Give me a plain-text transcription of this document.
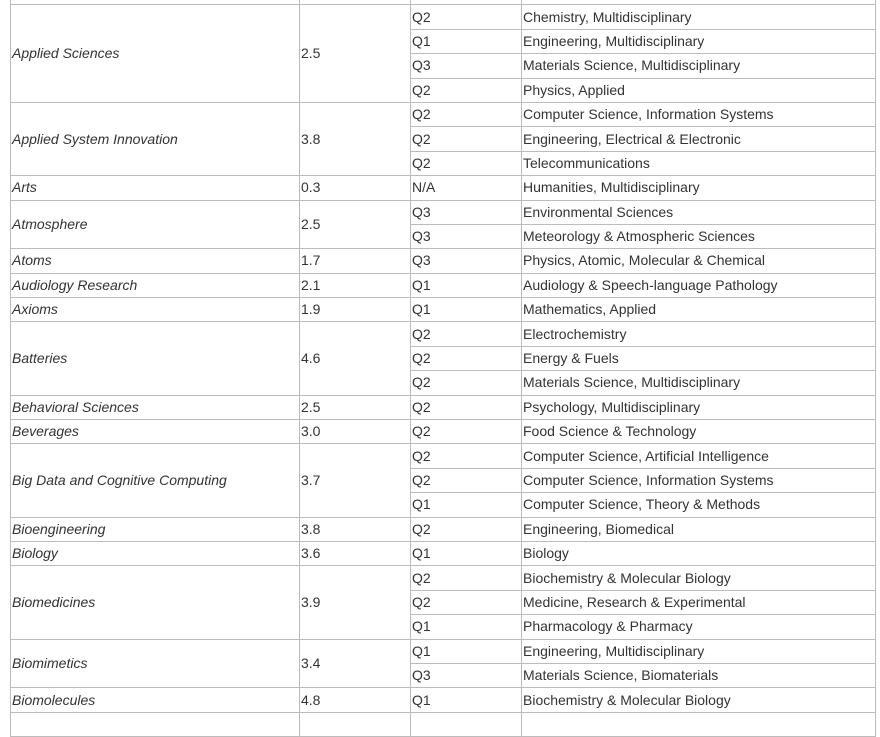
Applied Sciences	2.5	Q2	Chemistry, Multidisciplinary
		Q1	Engineering, Multidisciplinary
		Q3	Materials Science, Multidisciplinary
		Q2	Physics, Applied
Applied System Innovation	3.8	Q2	Computer Science, Information Systems
		Q2	Engineering, Electrical & Electronic
		Q2	Telecommunications
Arts	0.3	N/A	Humanities, Multidisciplinary
Atmosphere	2.5	Q3	Environmental Sciences
		Q3	Meteorology & Atmospheric Sciences
Atoms	1.7	Q3	Physics, Atomic, Molecular & Chemical
Audiology Research	2.1	Q1	Audiology & Speech-language Pathology
Axioms	1.9	Q1	Mathematics, Applied
Batteries	4.6	Q2	Electrochemistry
		Q2	Energy & Fuels
		Q2	Materials Science, Multidisciplinary
Behavioral Sciences	2.5	Q2	Psychology, Multidisciplinary
Beverages	3.0	Q2	Food Science & Technology
Big Data and Cognitive Computing	3.7	Q2	Computer Science, Artificial Intelligence
		Q2	Computer Science, Information Systems
		Q1	Computer Science, Theory & Methods
Bioengineering	3.8	Q2	Engineering, Biomedical
Biology	3.6	Q1	Biology
Biomedicines	3.9	Q2	Biochemistry & Molecular Biology
		Q2	Medicine, Research & Experimental
		Q1	Pharmacology & Pharmacy
Biomimetics	3.4	Q1	Engineering, Multidisciplinary
		Q3	Materials Science, Biomaterials
Biomolecules	4.8	Q1	Biochemistry & Molecular Biology
